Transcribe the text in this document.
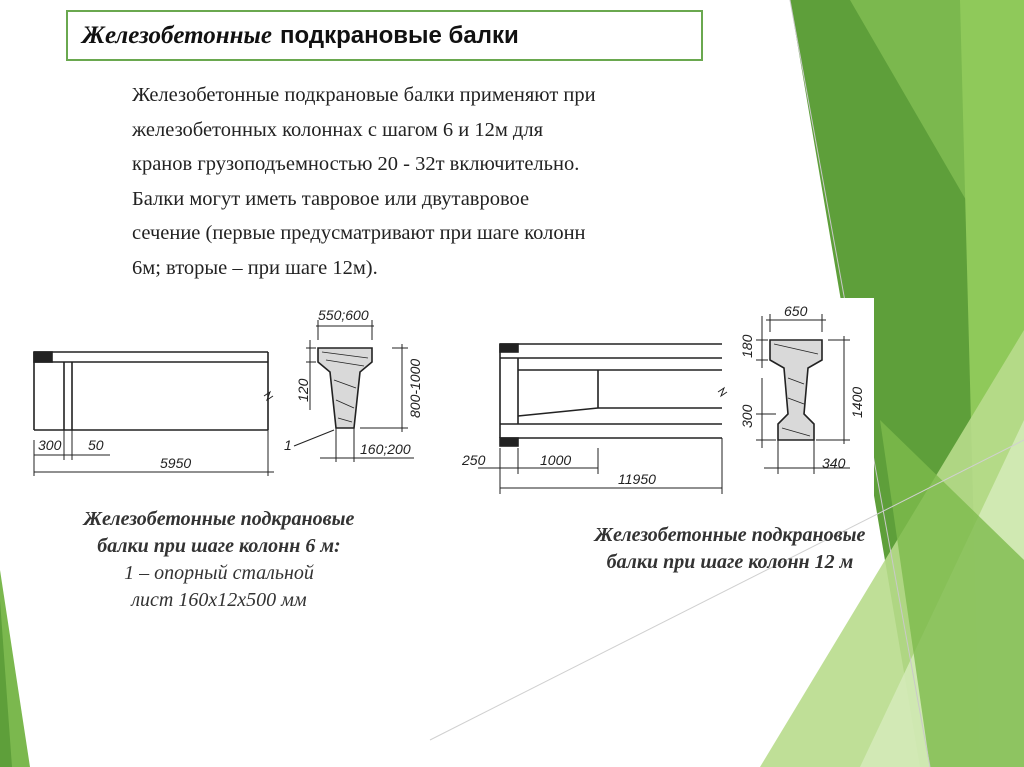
Железобетонные подкрановые балки
Железобетонные подкрановые балки применяют при
железобетонных колоннах с шагом 6 и 12м для
кранов грузоподъемностью 20 - 32т включительно.
Балки могут иметь тавровое или двутавровое
сечение (первые предусматривают при шаге колонн
6м; вторые – при шаге 12м).
550;600
800-1000
120
160;200
300 50
5950
1
650
180
1400
300
340
250	1000
11950
Железобетонные подкрановые
балки при шаге колонн 6 м:
1 – опорный стальной
лист 160х12х500 мм
Железобетонные подкрановые
балки при шаге колонн 12 м
